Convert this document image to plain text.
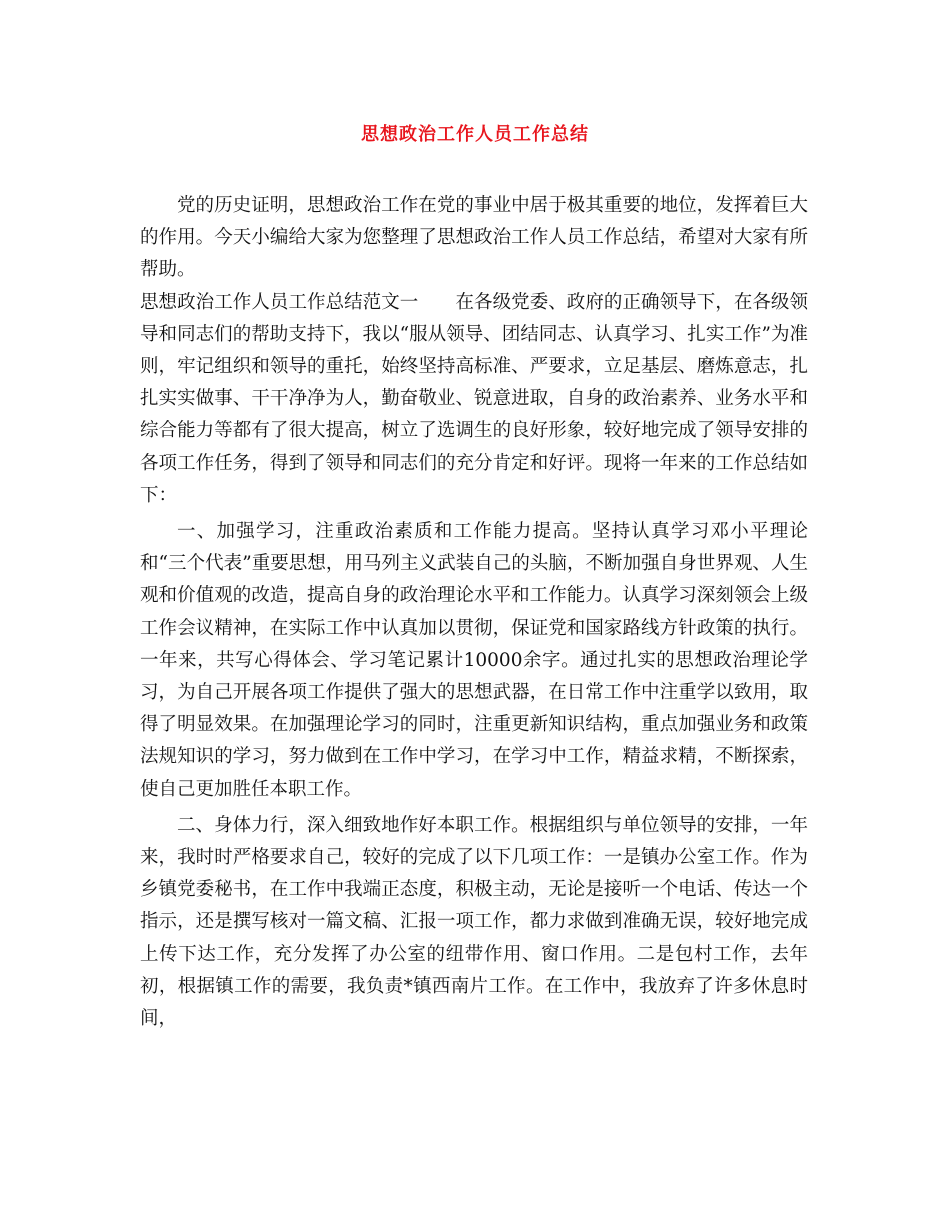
思想政治工作人员工作总结

党的历史证明，思想政治工作在党的事业中居于极其重要的地位，发挥着巨大的作用。今天小编给大家为您整理了思想政治工作人员工作总结，希望对大家有所帮助。

思想政治工作人员工作总结范文一　　在各级党委、政府的正确领导下，在各级领导和同志们的帮助支持下，我以“服从领导、团结同志、认真学习、扎实工作”为准则，牢记组织和领导的重托，始终坚持高标准、严要求，立足基层、磨炼意志，扎扎实实做事、干干净净为人，勤奋敬业、锐意进取，自身的政治素养、业务水平和综合能力等都有了很大提高，树立了选调生的良好形象，较好地完成了领导安排的各项工作任务，得到了领导和同志们的充分肯定和好评。现将一年来的工作总结如下：

一、加强学习，注重政治素质和工作能力提高。坚持认真学习邓小平理论和“三个代表”重要思想，用马列主义武装自己的头脑，不断加强自身世界观、人生观和价值观的改造，提高自身的政治理论水平和工作能力。认真学习深刻领会上级工作会议精神，在实际工作中认真加以贯彻，保证党和国家路线方针政策的执行。一年来，共写心得体会、学习笔记累计10000余字。通过扎实的思想政治理论学习，为自己开展各项工作提供了强大的思想武器，在日常工作中注重学以致用，取得了明显效果。在加强理论学习的同时，注重更新知识结构，重点加强业务和政策法规知识的学习，努力做到在工作中学习，在学习中工作，精益求精，不断探索，使自己更加胜任本职工作。

二、身体力行，深入细致地作好本职工作。根据组织与单位领导的安排，一年来，我时时严格要求自己，较好的完成了以下几项工作：一是镇办公室工作。作为乡镇党委秘书，在工作中我端正态度，积极主动，无论是接听一个电话、传达一个指示，还是撰写核对一篇文稿、汇报一项工作，都力求做到准确无误，较好地完成上传下达工作，充分发挥了办公室的纽带作用、窗口作用。二是包村工作，去年初，根据镇工作的需要，我负责*镇西南片工作。在工作中，我放弃了许多休息时间，
